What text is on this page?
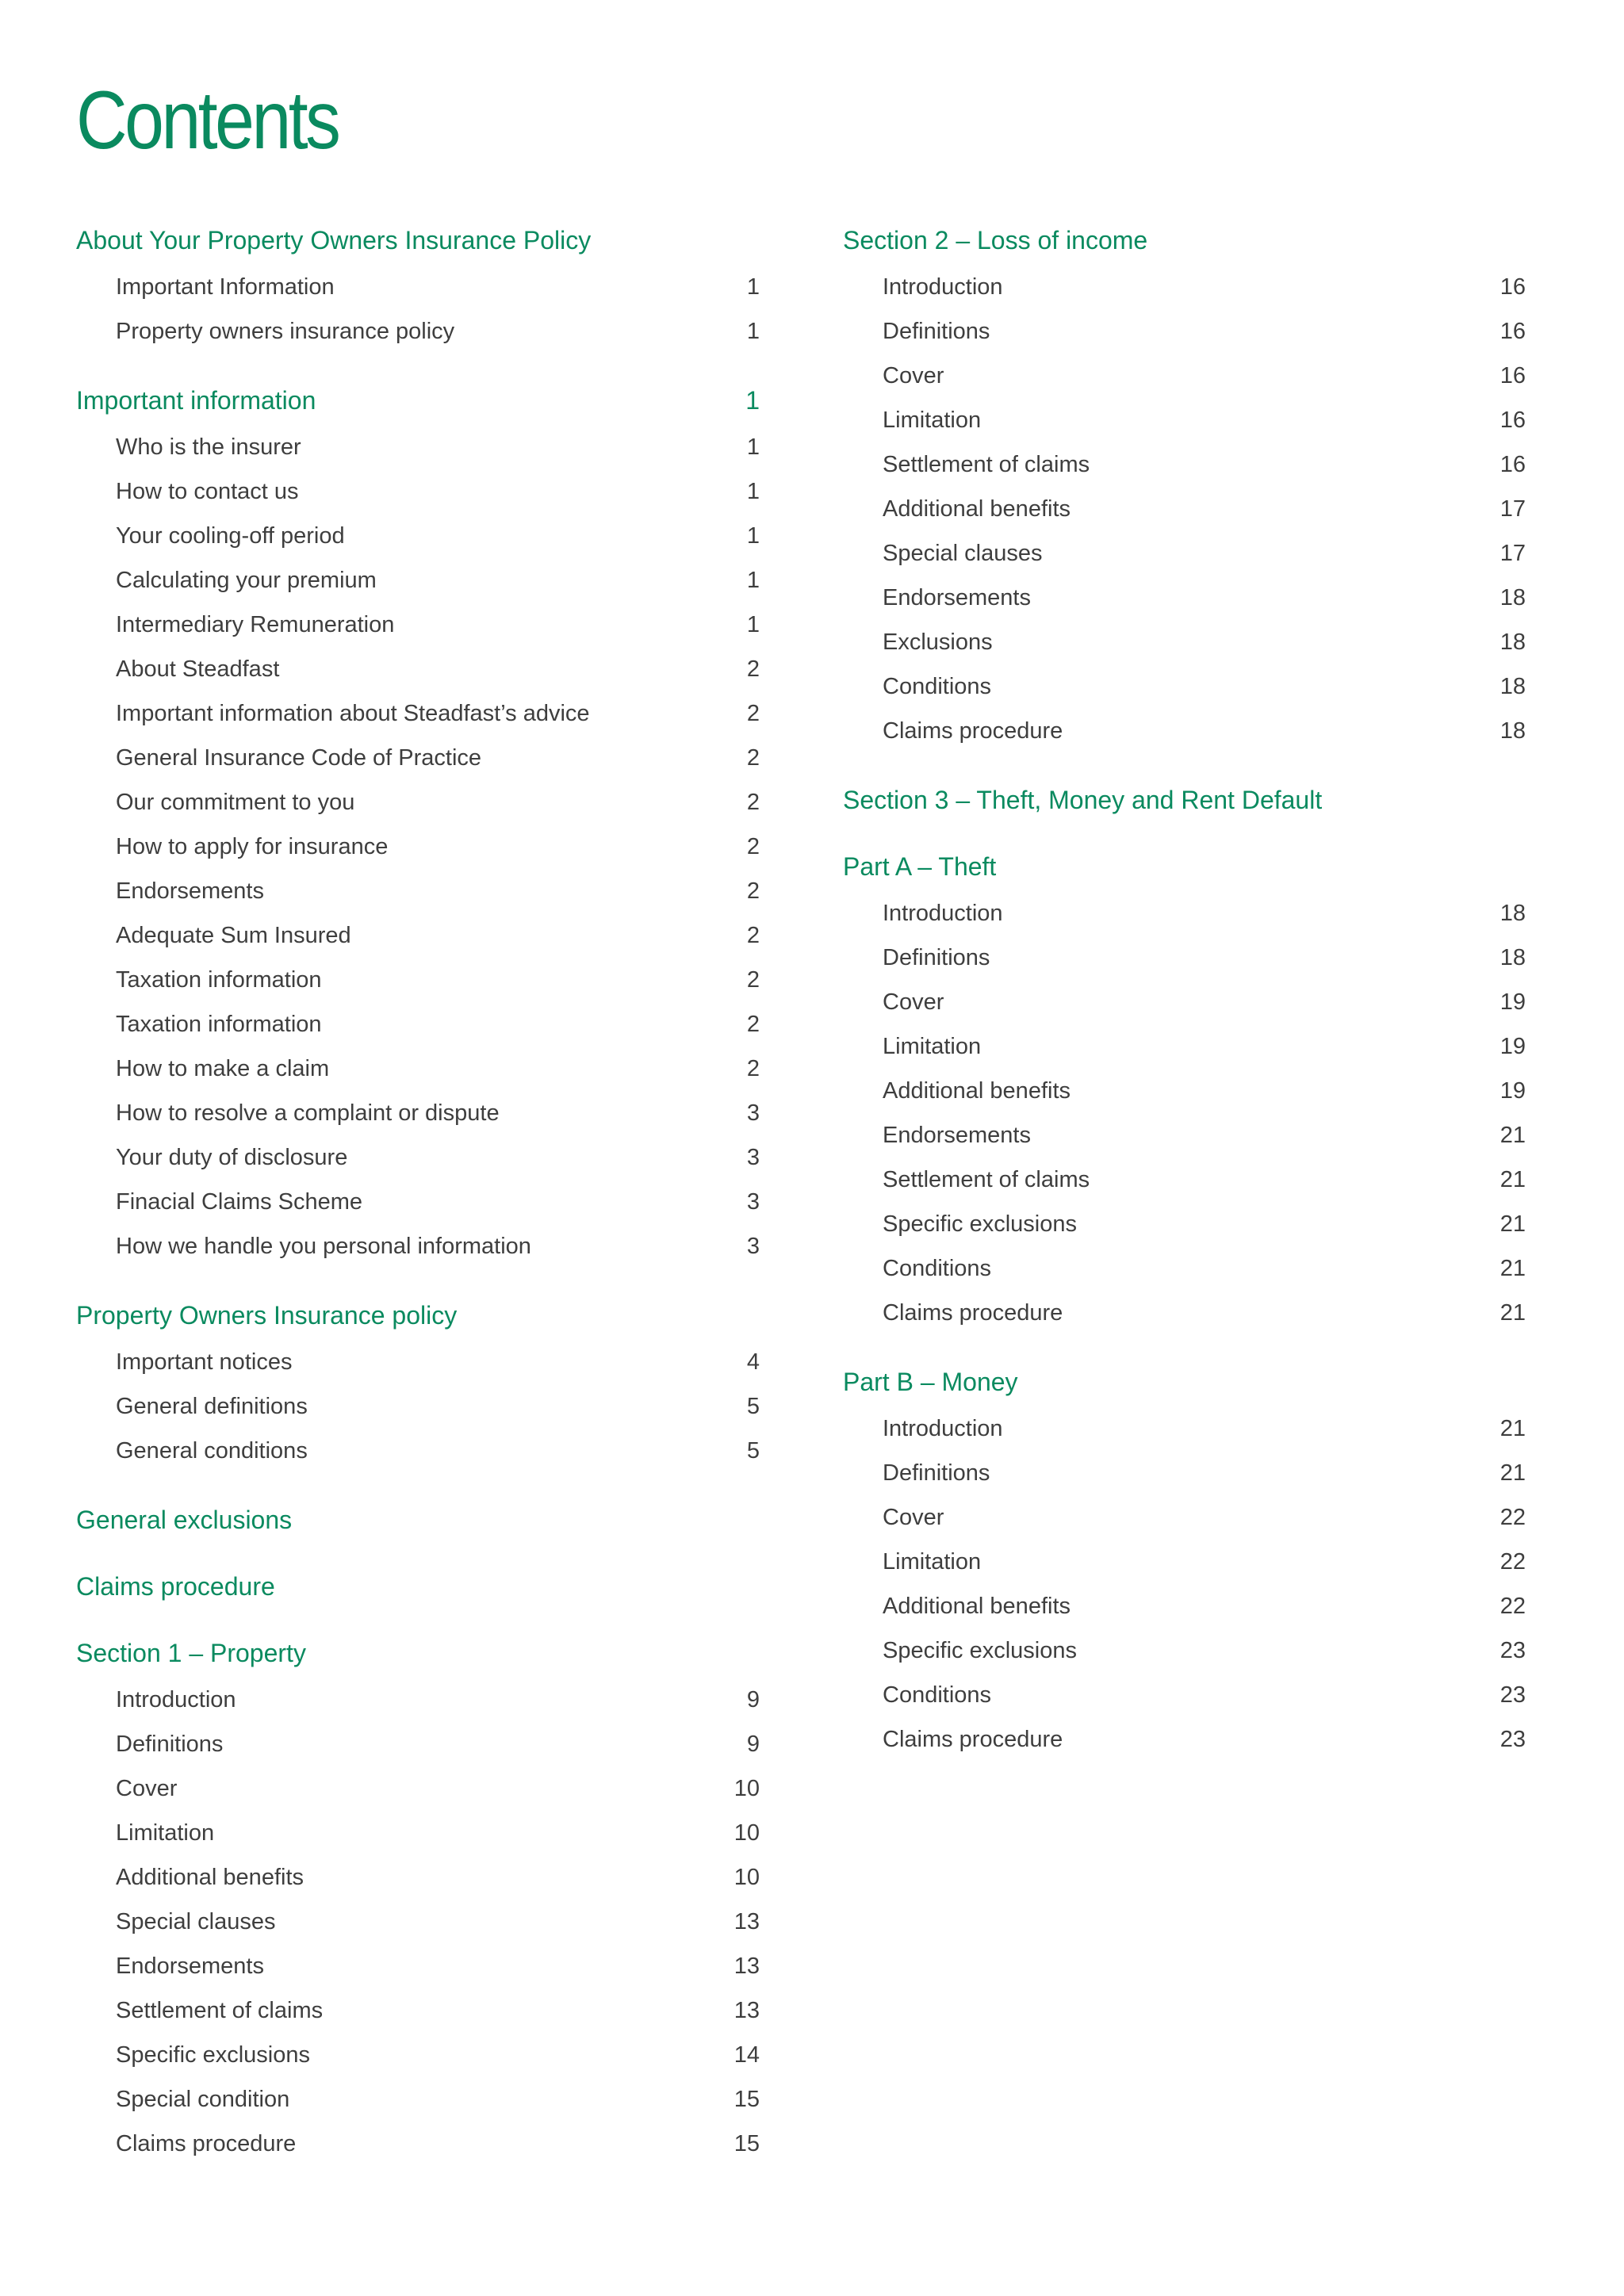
Contents
About Your Property Owners Insurance Policy
Important Information	1
Property owners insurance policy	1
Important information	1
Who is the insurer	1
How to contact us	1
Your cooling-off period	1
Calculating your premium	1
Intermediary Remuneration	1
About Steadfast	2
Important information about Steadfast’s advice	2
General Insurance Code of Practice	2
Our commitment to you	2
How to apply for insurance	2
Endorsements	2
Adequate Sum Insured	2
Taxation information	2
Taxation information	2
How to make a claim	2
How to resolve a complaint or dispute	3
Your duty of disclosure	3
Finacial Claims Scheme	3
How we handle you personal information	3
Property Owners Insurance policy
Important notices	4
General definitions	5
General conditions	5
General exclusions
Claims procedure
Section 1 – Property
Introduction	9
Definitions	9
Cover	10
Limitation	10
Additional benefits	10
Special clauses	13
Endorsements	13
Settlement of claims	13
Specific exclusions	14
Special condition	15
Claims procedure	15
Section 2 – Loss of income
Introduction	16
Definitions	16
Cover	16
Limitation	16
Settlement of claims	16
Additional benefits	17
Special clauses	17
Endorsements	18
Exclusions	18
Conditions	18
Claims procedure	18
Section 3 – Theft, Money and Rent Default
Part A – Theft
Introduction	18
Definitions	18
Cover	19
Limitation	19
Additional benefits	19
Endorsements	21
Settlement of claims	21
Specific exclusions	21
Conditions	21
Claims procedure	21
Part B – Money
Introduction	21
Definitions	21
Cover	22
Limitation	22
Additional benefits	22
Specific exclusions	23
Conditions	23
Claims procedure	23
